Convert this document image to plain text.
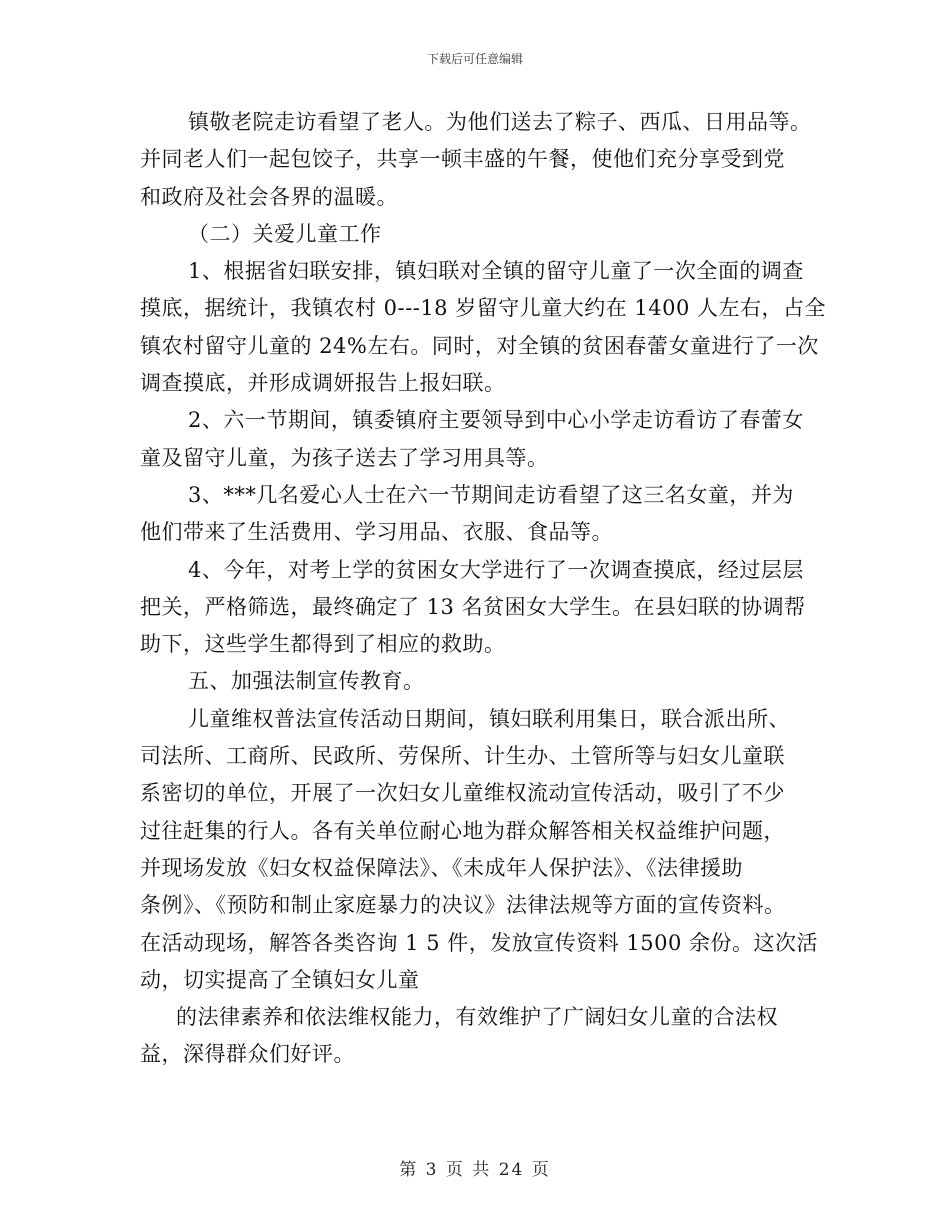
下载后可任意编辑
镇敬老院走访看望了老人。为他们送去了粽子、西瓜、日用品等。
并同老人们一起包饺子，共享一顿丰盛的午餐，使他们充分享受到党
和政府及社会各界的温暖。
（二）关爱儿童工作
1、根据省妇联安排，镇妇联对全镇的留守儿童了一次全面的调查
摸底，据统计，我镇农村 0---18 岁留守儿童大约在 1400 人左右，占全
镇农村留守儿童的 24%左右。同时，对全镇的贫困春蕾女童进行了一次
调查摸底，并形成调妍报告上报妇联。
2、六一节期间，镇委镇府主要领导到中心小学走访看访了春蕾女
童及留守儿童，为孩子送去了学习用具等。
3、***几名爱心人士在六一节期间走访看望了这三名女童，并为
他们带来了生活费用、学习用品、衣服、食品等。
4、今年，对考上学的贫困女大学进行了一次调查摸底，经过层层
把关，严格筛选，最终确定了 13 名贫困女大学生。在县妇联的协调帮
助下，这些学生都得到了相应的救助。
五、加强法制宣传教育。
儿童维权普法宣传活动日期间，镇妇联利用集日，联合派出所、
司法所、工商所、民政所、劳保所、计生办、土管所等与妇女儿童联
系密切的单位，开展了一次妇女儿童维权流动宣传活动，吸引了不少
过往赶集的行人。各有关单位耐心地为群众解答相关权益维护问题，
并现场发放《妇女权益保障法》、《未成年人保护法》、《法律援助
条例》、《预防和制止家庭暴力的决议》法律法规等方面的宣传资料。
在活动现场，解答各类咨询 1 5 件，发放宣传资料 1500 余份。这次活
动，切实提高了全镇妇女儿童
的法律素养和依法维权能力，有效维护了广阔妇女儿童的合法权
益，深得群众们好评。
第 3 页 共 24 页
